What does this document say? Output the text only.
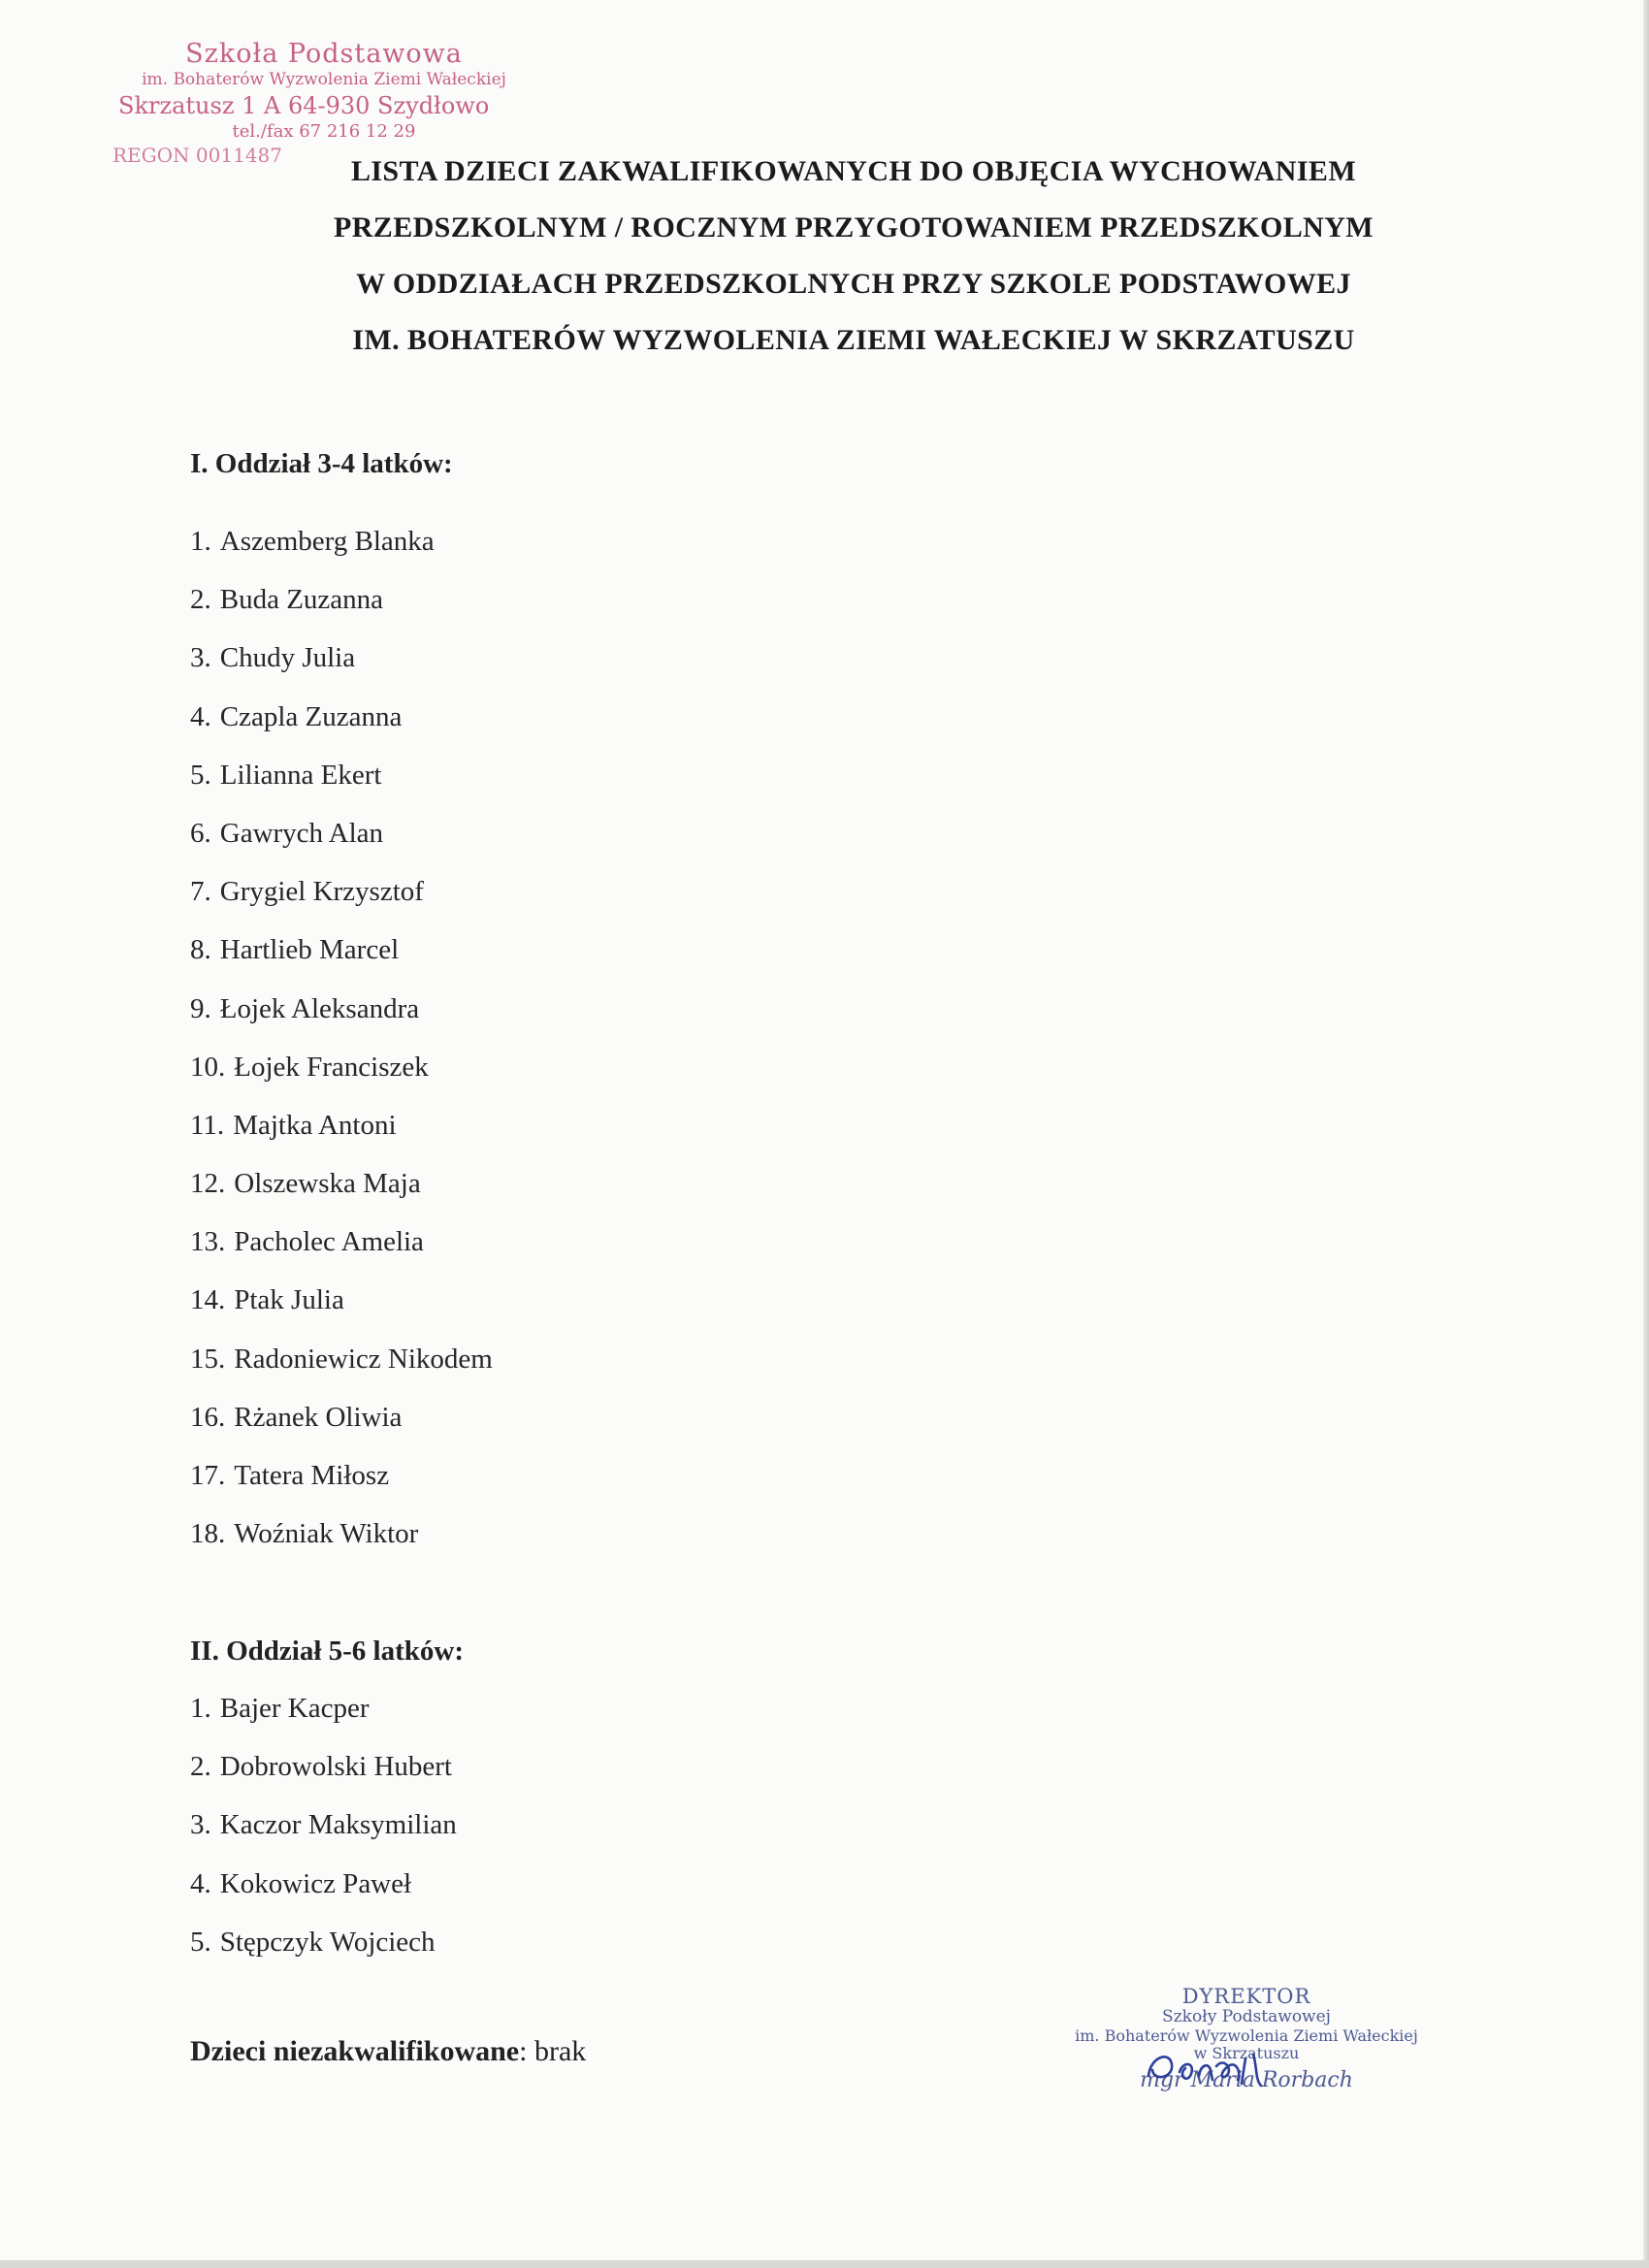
Szkoła Podstawowa
im. Bohaterów Wyzwolenia Ziemi Wałeckiej
Skrzatusz 1 A 64-930 Szydłowo
tel./fax 67 216 12 29
REGON 0011487	LISTA DZIECI ZAKWALIFIKOWANYCH DO OBJĘCIA WYCHOWANIEM
PRZEDSZKOLNYM / ROCZNYM PRZYGOTOWANIEM PRZEDSZKOLNYM
W ODDZIAŁACH PRZEDSZKOLNYCH PRZY SZKOLE PODSTAWOWEJ
IM. BOHATERÓW WYZWOLENIA ZIEMI WAŁECKIEJ W SKRZATUSZU
I. Oddział 3-4 latków:
1. Aszemberg Blanka
2. Buda Zuzanna
3. Chudy Julia
4. Czapla Zuzanna
5. Lilianna Ekert
6. Gawrych Alan
7. Grygiel Krzysztof
8. Hartlieb Marcel
9. Łojek Aleksandra
10. Łojek Franciszek
11. Majtka Antoni
12. Olszewska Maja
13. Pacholec Amelia
14. Ptak Julia
15. Radoniewicz Nikodem
16. Rżanek Oliwia
17. Tatera Miłosz
18. Woźniak Wiktor
II. Oddział 5-6 latków:
1. Bajer Kacper
2. Dobrowolski Hubert
3. Kaczor Maksymilian
4. Kokowicz Paweł
5. Stępczyk Wojciech
Dzieci niezakwalifikowane: brak
DYREKTOR
Szkoły Podstawowej
im. Bohaterów Wyzwolenia Ziemi Wałeckiej
w Skrzatuszu
mgr Maria Rorbach
